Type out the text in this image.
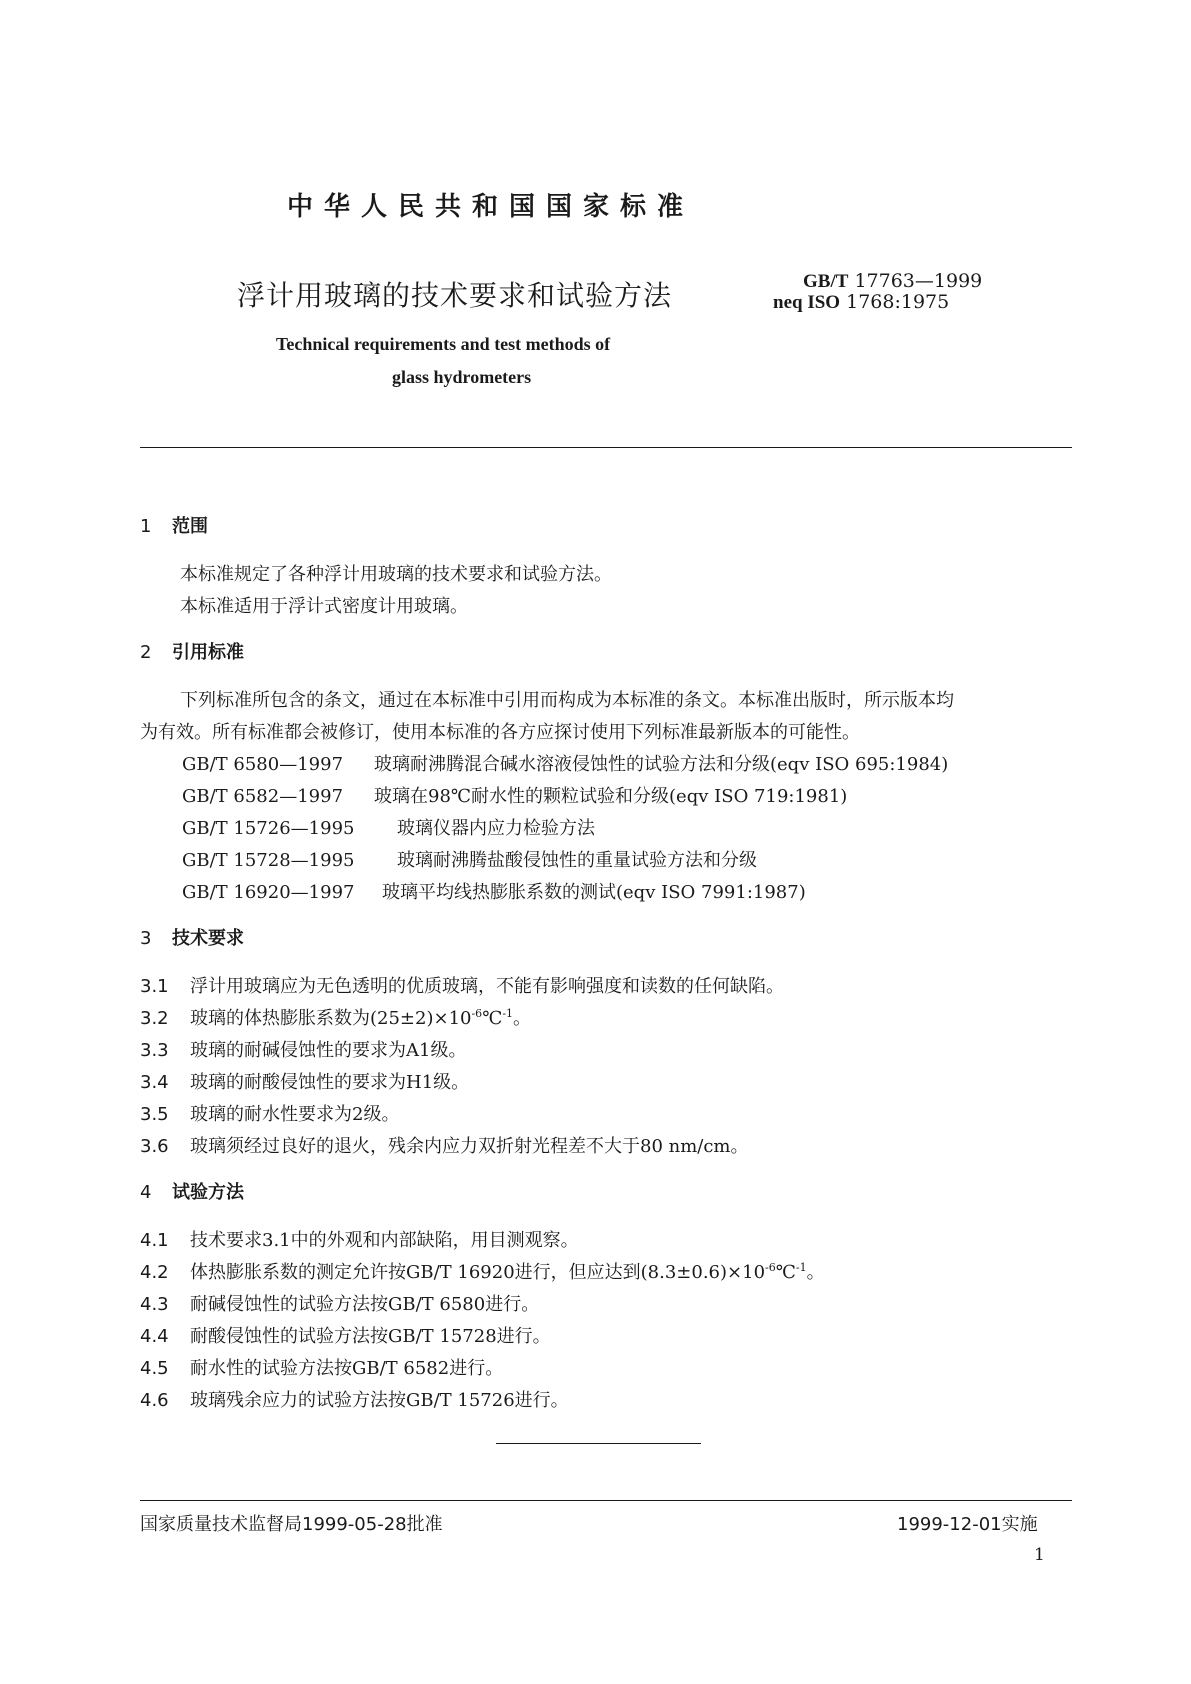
中华人民共和国国家标准
浮计用玻璃的技术要求和试验方法	GB/T 17763—1999
neq ISO 1768:1975
Technical requirements and test methods of
glass hydrometers
1 范围
本标准规定了各种浮计用玻璃的技术要求和试验方法。
本标准适用于浮计式密度计用玻璃。
2 引用标准
下列标准所包含的条文，通过在本标准中引用而构成为本标准的条文。本标准出版时，所示版本均
为有效。所有标准都会被修订，使用本标准的各方应探讨使用下列标准最新版本的可能性。
GB/T 6580—1997 玻璃耐沸腾混合碱水溶液侵蚀性的试验方法和分级(eqv ISO 695:1984)
GB/T 6582—1997 玻璃在98℃耐水性的颗粒试验和分级(eqv ISO 719:1981)
GB/T 15726—1995 玻璃仪器内应力检验方法
GB/T 15728—1995 玻璃耐沸腾盐酸侵蚀性的重量试验方法和分级
GB/T 16920—1997 玻璃平均线热膨胀系数的测试(eqv ISO 7991:1987)
3 技术要求
3.1 浮计用玻璃应为无色透明的优质玻璃，不能有影响强度和读数的任何缺陷。
3.2 玻璃的体热膨胀系数为$(25\pm 2)\times 10^{-6}℃^{-1}$。
3.3 玻璃的耐碱侵蚀性的要求为A1级。
3.4 玻璃的耐酸侵蚀性的要求为H1级。
3.5 玻璃的耐水性要求为2级。
3.6 玻璃须经过良好的退火，残余内应力双折射光程差不大于80 nm/cm。
4 试验方法
4.1 技术要求3.1中的外观和内部缺陷，用目测观察。
4.2 体热膨胀系数的测定允许按GB/T 16920进行，但应达到$(8.3\pm 0.6)\times 10^{-6}℃^{-1}$。
4.3 耐碱侵蚀性的试验方法按GB/T 6580进行。
4.4 耐酸侵蚀性的试验方法按GB/T 15728进行。
4.5 耐水性的试验方法按GB/T 6582进行。
4.6 玻璃残余应力的试验方法按GB/T 15726进行。
国家质量技术监督局1999-05-28批准	1999-12-01实施
1
